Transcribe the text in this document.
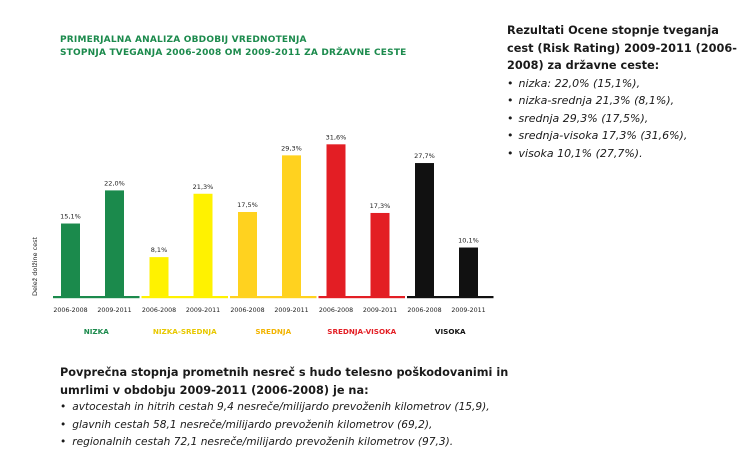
PRIMERJALNA ANALIZA OBDOBIJ VREDNOTENJA
STOPNJA TVEGANJA 2006-2008 OM 2009-2011 ZA DRŽAVNE CESTE
Delež dolžine cest
15,1%
2006-2008
22,0%
2009-2011
NIZKA
8,1%
2006-2008
21,3%
2009-2011
NIZKA-SREDNJA
17,5%
2006-2008
29,3%
2009-2011
SREDNJA
31,6%
2006-2008
17,3%
2009-2011
SREDNJA-VISOKA
27,7%
2006-2008
10,1%
2009-2011
VISOKA
Rezultati Ocene stopnje tveganja cest (Risk Rating) 2009-2011 (2006-2008) za državne ceste:
• nizka: 22,0% (15,1%),
• nizka-srednja 21,3% (8,1%),
• srednja 29,3% (17,5%),
• srednja-visoka 17,3% (31,6%),
• visoka 10,1% (27,7%).
Povprečna stopnja prometnih nesreč s hudo telesno poškodovanimi in umrlimi v obdobju 2009-2011 (2006-2008) je na:
• avtocestah in hitrih cestah 9,4 nesreče/milijardo prevoženih kilometrov (15,9),
• glavnih cestah 58,1 nesreče/milijardo prevoženih kilometrov (69,2),
• regionalnih cestah 72,1 nesreče/milijardo prevoženih kilometrov (97,3).
